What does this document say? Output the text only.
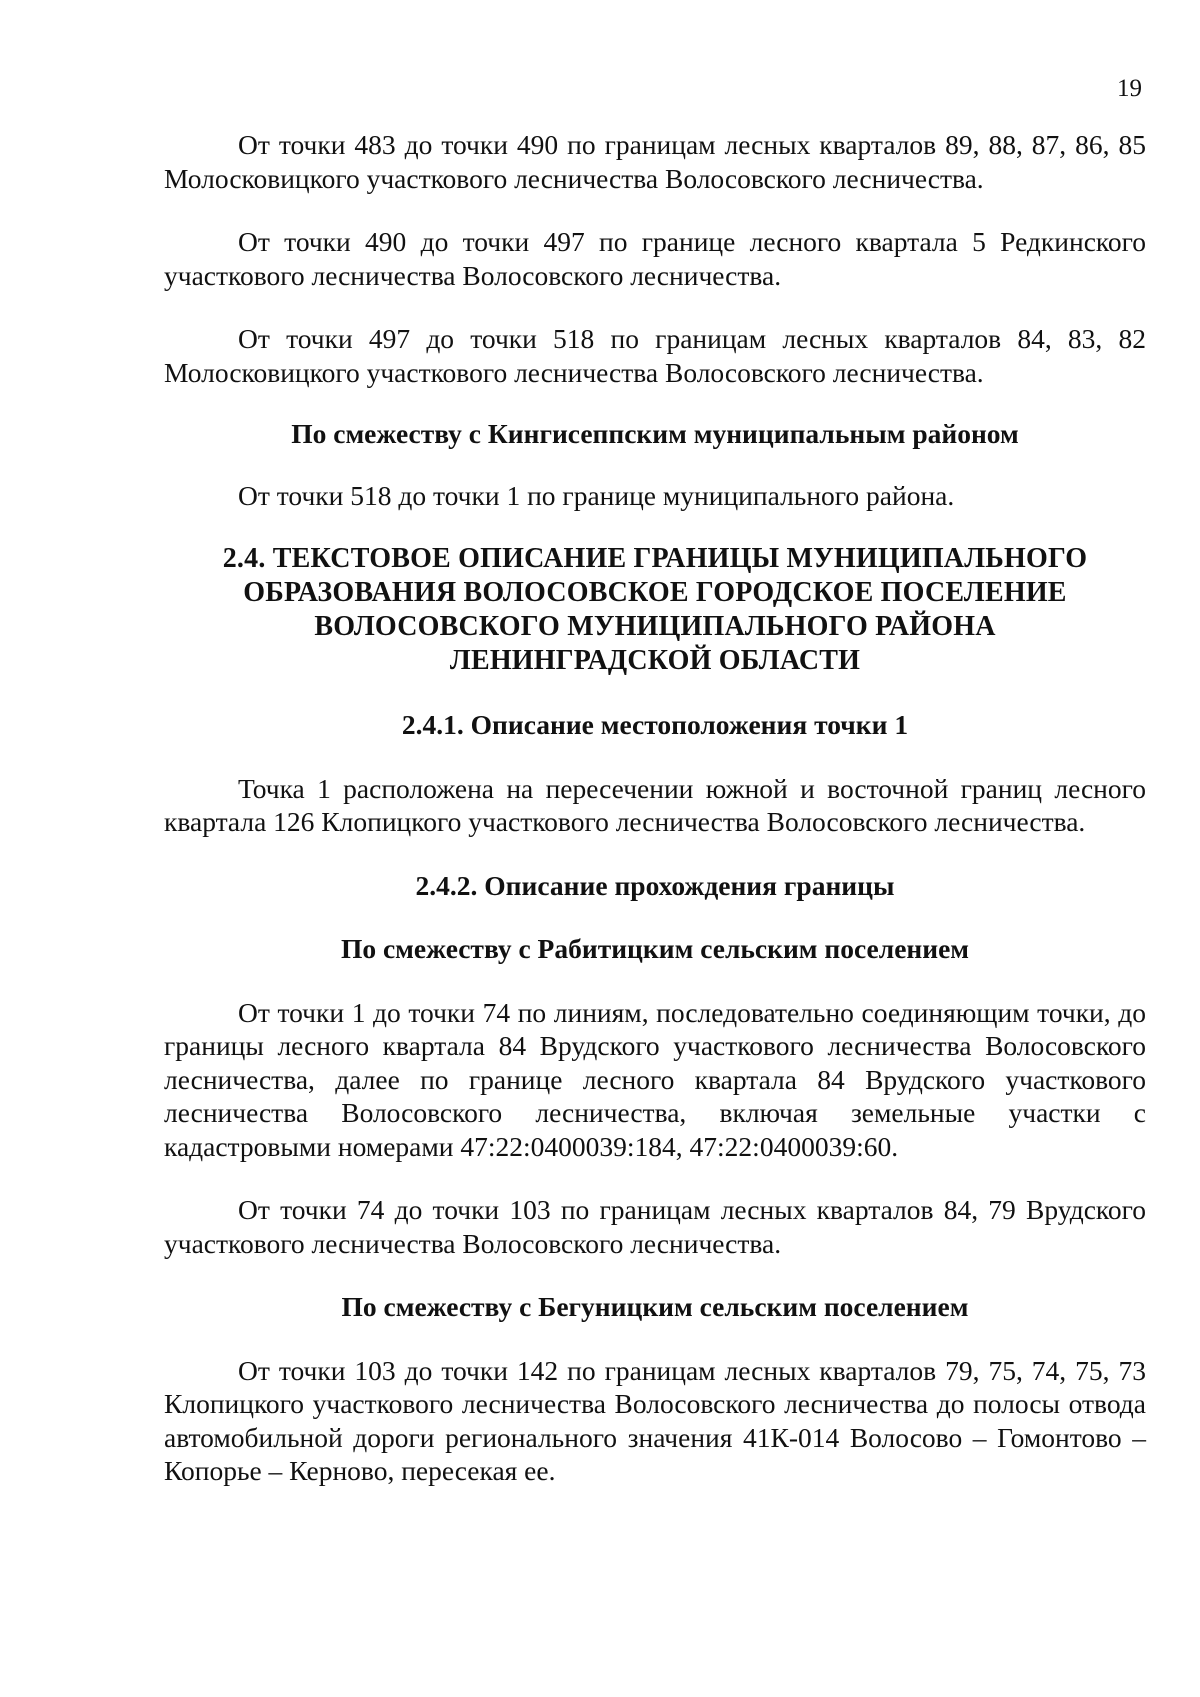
19

От точки 483 до точки 490 по границам лесных кварталов 89, 88, 87, 86, 85 Молосковицкого участкового лесничества Волосовского лесничества.

От точки 490 до точки 497 по границе лесного квартала 5 Редкинского участкового лесничества Волосовского лесничества.

От точки 497 до точки 518 по границам лесных кварталов 84, 83, 82 Молосковицкого участкового лесничества Волосовского лесничества.

По смежеству с Кингисеппским муниципальным районом

От точки 518 до точки 1 по границе муниципального района.

2.4. ТЕКСТОВОЕ ОПИСАНИЕ ГРАНИЦЫ МУНИЦИПАЛЬНОГО
ОБРАЗОВАНИЯ ВОЛОСОВСКОЕ ГОРОДСКОЕ ПОСЕЛЕНИЕ
ВОЛОСОВСКОГО МУНИЦИПАЛЬНОГО РАЙОНА
ЛЕНИНГРАДСКОЙ ОБЛАСТИ

2.4.1. Описание местоположения точки 1

Точка 1 расположена на пересечении южной и восточной границ лесного квартала 126 Клопицкого участкового лесничества Волосовского лесничества.

2.4.2. Описание прохождения границы

По смежеству с Рабитицким сельским поселением

От точки 1 до точки 74 по линиям, последовательно соединяющим точки, до границы лесного квартала 84 Врудского участкового лесничества Волосовского лесничества, далее по границе лесного квартала 84 Врудского участкового лесничества Волосовского лесничества, включая земельные участки с кадастровыми номерами 47:22:0400039:184, 47:22:0400039:60.

От точки 74 до точки 103 по границам лесных кварталов 84, 79 Врудского участкового лесничества Волосовского лесничества.

По смежеству с Бегуницким сельским поселением

От точки 103 до точки 142 по границам лесных кварталов 79, 75, 74, 75, 73 Клопицкого участкового лесничества Волосовского лесничества до полосы отвода автомобильной дороги регионального значения 41К-014 Волосово – Гомонтово – Копорье – Керново, пересекая ее.
